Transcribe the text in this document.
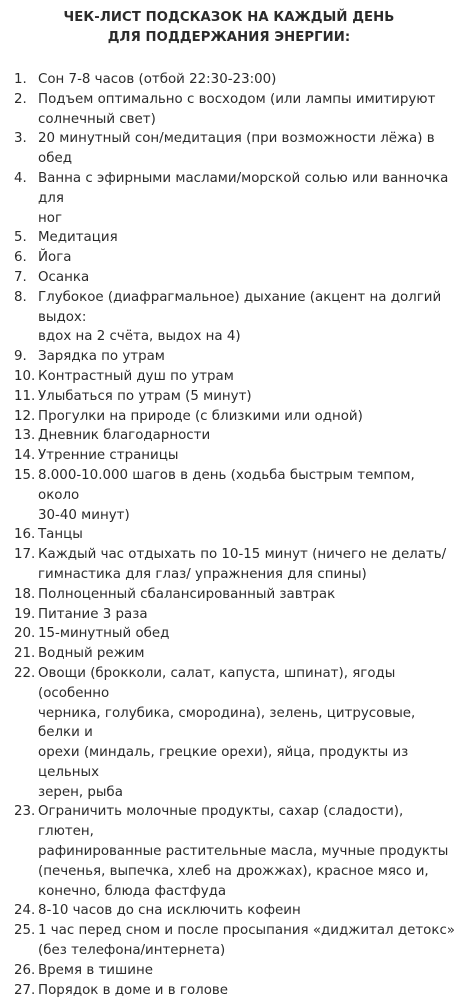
ЧЕК-ЛИСТ ПОДСКАЗОК НА КАЖДЫЙ ДЕНЬ
ДЛЯ ПОДДЕРЖАНИЯ ЭНЕРГИИ:
1. Сон 7-8 часов (отбой 22:30-23:00)
2. Подъем оптимально с восходом (или лампы имитируют
солнечный свет)
3. 20 минутный сон/медитация (при возможности лёжа) в обед
4. Ванна с эфирными маслами/морской солью или ванночка для
ног
5. Медитация
6. Йога
7. Осанка
8. Глубокое (диафрагмальное) дыхание (акцент на долгий выдох:
вдох на 2 счёта, выдох на 4)
9. Зарядка по утрам
10. Контрастный душ по утрам
11. Улыбаться по утрам (5 минут)
12. Прогулки на природе (с близкими или одной)
13. Дневник благодарности
14. Утренние страницы
15. 8.000-10.000 шагов в день (ходьба быстрым темпом, около
30-40 минут)
16. Танцы
17. Каждый час отдыхать по 10-15 минут (ничего не делать/
гимнастика для глаз/ упражнения для спины)
18. Полноценный сбалансированный завтрак
19. Питание 3 раза
20. 15-минутный обед
21. Водный режим
22. Овощи (брокколи, салат, капуста, шпинат), ягоды (особенно
черника, голубика, смородина), зелень, цитрусовые, белки и
орехи (миндаль, грецкие орехи), яйца, продукты из цельных
зерен, рыба
23. Ограничить молочные продукты, сахар (сладости), глютен,
рафинированные растительные масла, мучные продукты
(печенья, выпечка, хлеб на дрожжах), красное мясо и,
конечно, блюда фастфуда
24. 8-10 часов до сна исключить кофеин
25. 1 час перед сном и после просыпания «диджитал детокс»
(без телефона/интернета)
26. Время в тишине
27. Порядок в доме и в голове
